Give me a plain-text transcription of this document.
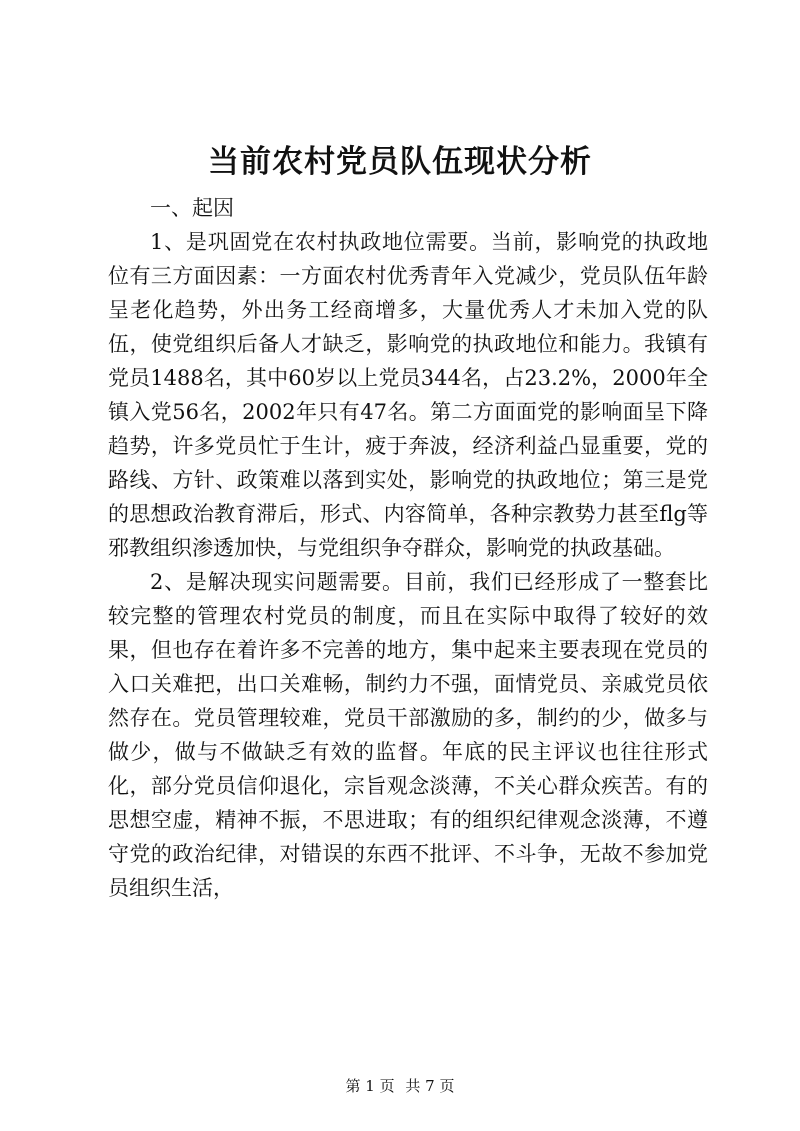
当前农村党员队伍现状分析

一、起因

1、是巩固党在农村执政地位需要。当前，影响党的执政地位有三方面因素：一方面农村优秀青年入党减少，党员队伍年龄呈老化趋势，外出务工经商增多，大量优秀人才未加入党的队伍，使党组织后备人才缺乏，影响党的执政地位和能力。我镇有党员1488名，其中60岁以上党员344名，占23.2%，2000年全镇入党56名，2002年只有47名。第二方面面党的影响面呈下降趋势，许多党员忙于生计，疲于奔波，经济利益凸显重要，党的路线、方针、政策难以落到实处，影响党的执政地位；第三是党的思想政治教育滞后，形式、内容简单，各种宗教势力甚至flg等邪教组织渗透加快，与党组织争夺群众，影响党的执政基础。

2、是解决现实问题需要。目前，我们已经形成了一整套比较完整的管理农村党员的制度，而且在实际中取得了较好的效果，但也存在着许多不完善的地方，集中起来主要表现在党员的入口关难把，出口关难畅，制约力不强，面情党员、亲戚党员依然存在。党员管理较难，党员干部激励的多，制约的少，做多与做少，做与不做缺乏有效的监督。年底的民主评议也往往形式化，部分党员信仰退化，宗旨观念淡薄，不关心群众疾苦。有的思想空虚，精神不振，不思进取；有的组织纪律观念淡薄，不遵守党的政治纪律，对错误的东西不批评、不斗争，无故不参加党员组织生活，

第 1 页 共 7 页
